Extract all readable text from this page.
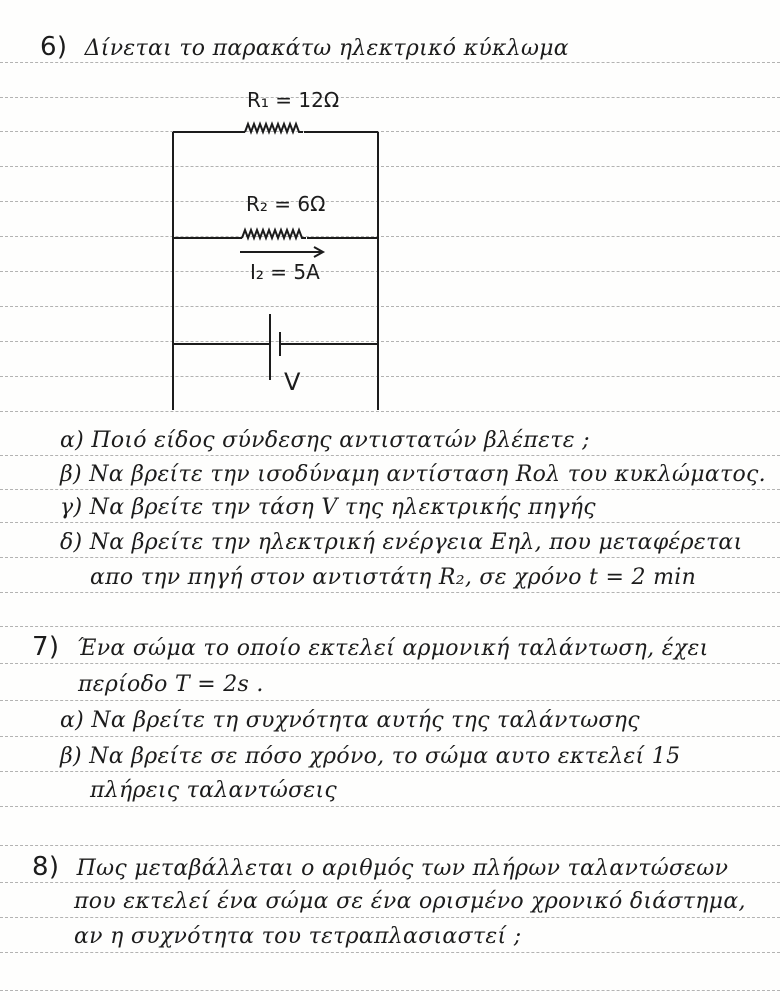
6) Δίνεται το παρακάτω ηλεκτρικό κύκλωμα
R₁ = 12Ω
R₂ = 6Ω
I₂ = 5A
V
α) Ποιό είδος σύνδεσης αντιστατών βλέπετε ;
β) Να βρείτε την ισοδύναμη αντίσταση Rολ του κυκλώματος.
γ) Να βρείτε την τάση V της ηλεκτρικής πηγής
δ) Να βρείτε την ηλεκτρική ενέργεια Eηλ, που μεταφέρεται
απο την πηγή στον αντιστάτη R₂, σε χρόνο t = 2 min
7) Ένα σώμα το οποίο εκτελεί αρμονική ταλάντωση, έχει
περίοδο T = 2s .
α) Να βρείτε τη συχνότητα αυτής της ταλάντωσης
β) Να βρείτε σε πόσο χρόνο, το σώμα αυτο εκτελεί 15
πλήρεις ταλαντώσεις
8) Πως μεταβάλλεται ο αριθμός των πλήρων ταλαντώσεων
που εκτελεί ένα σώμα σε ένα ορισμένο χρονικό διάστημα,
αν η συχνότητα του τετραπλασιαστεί ;
